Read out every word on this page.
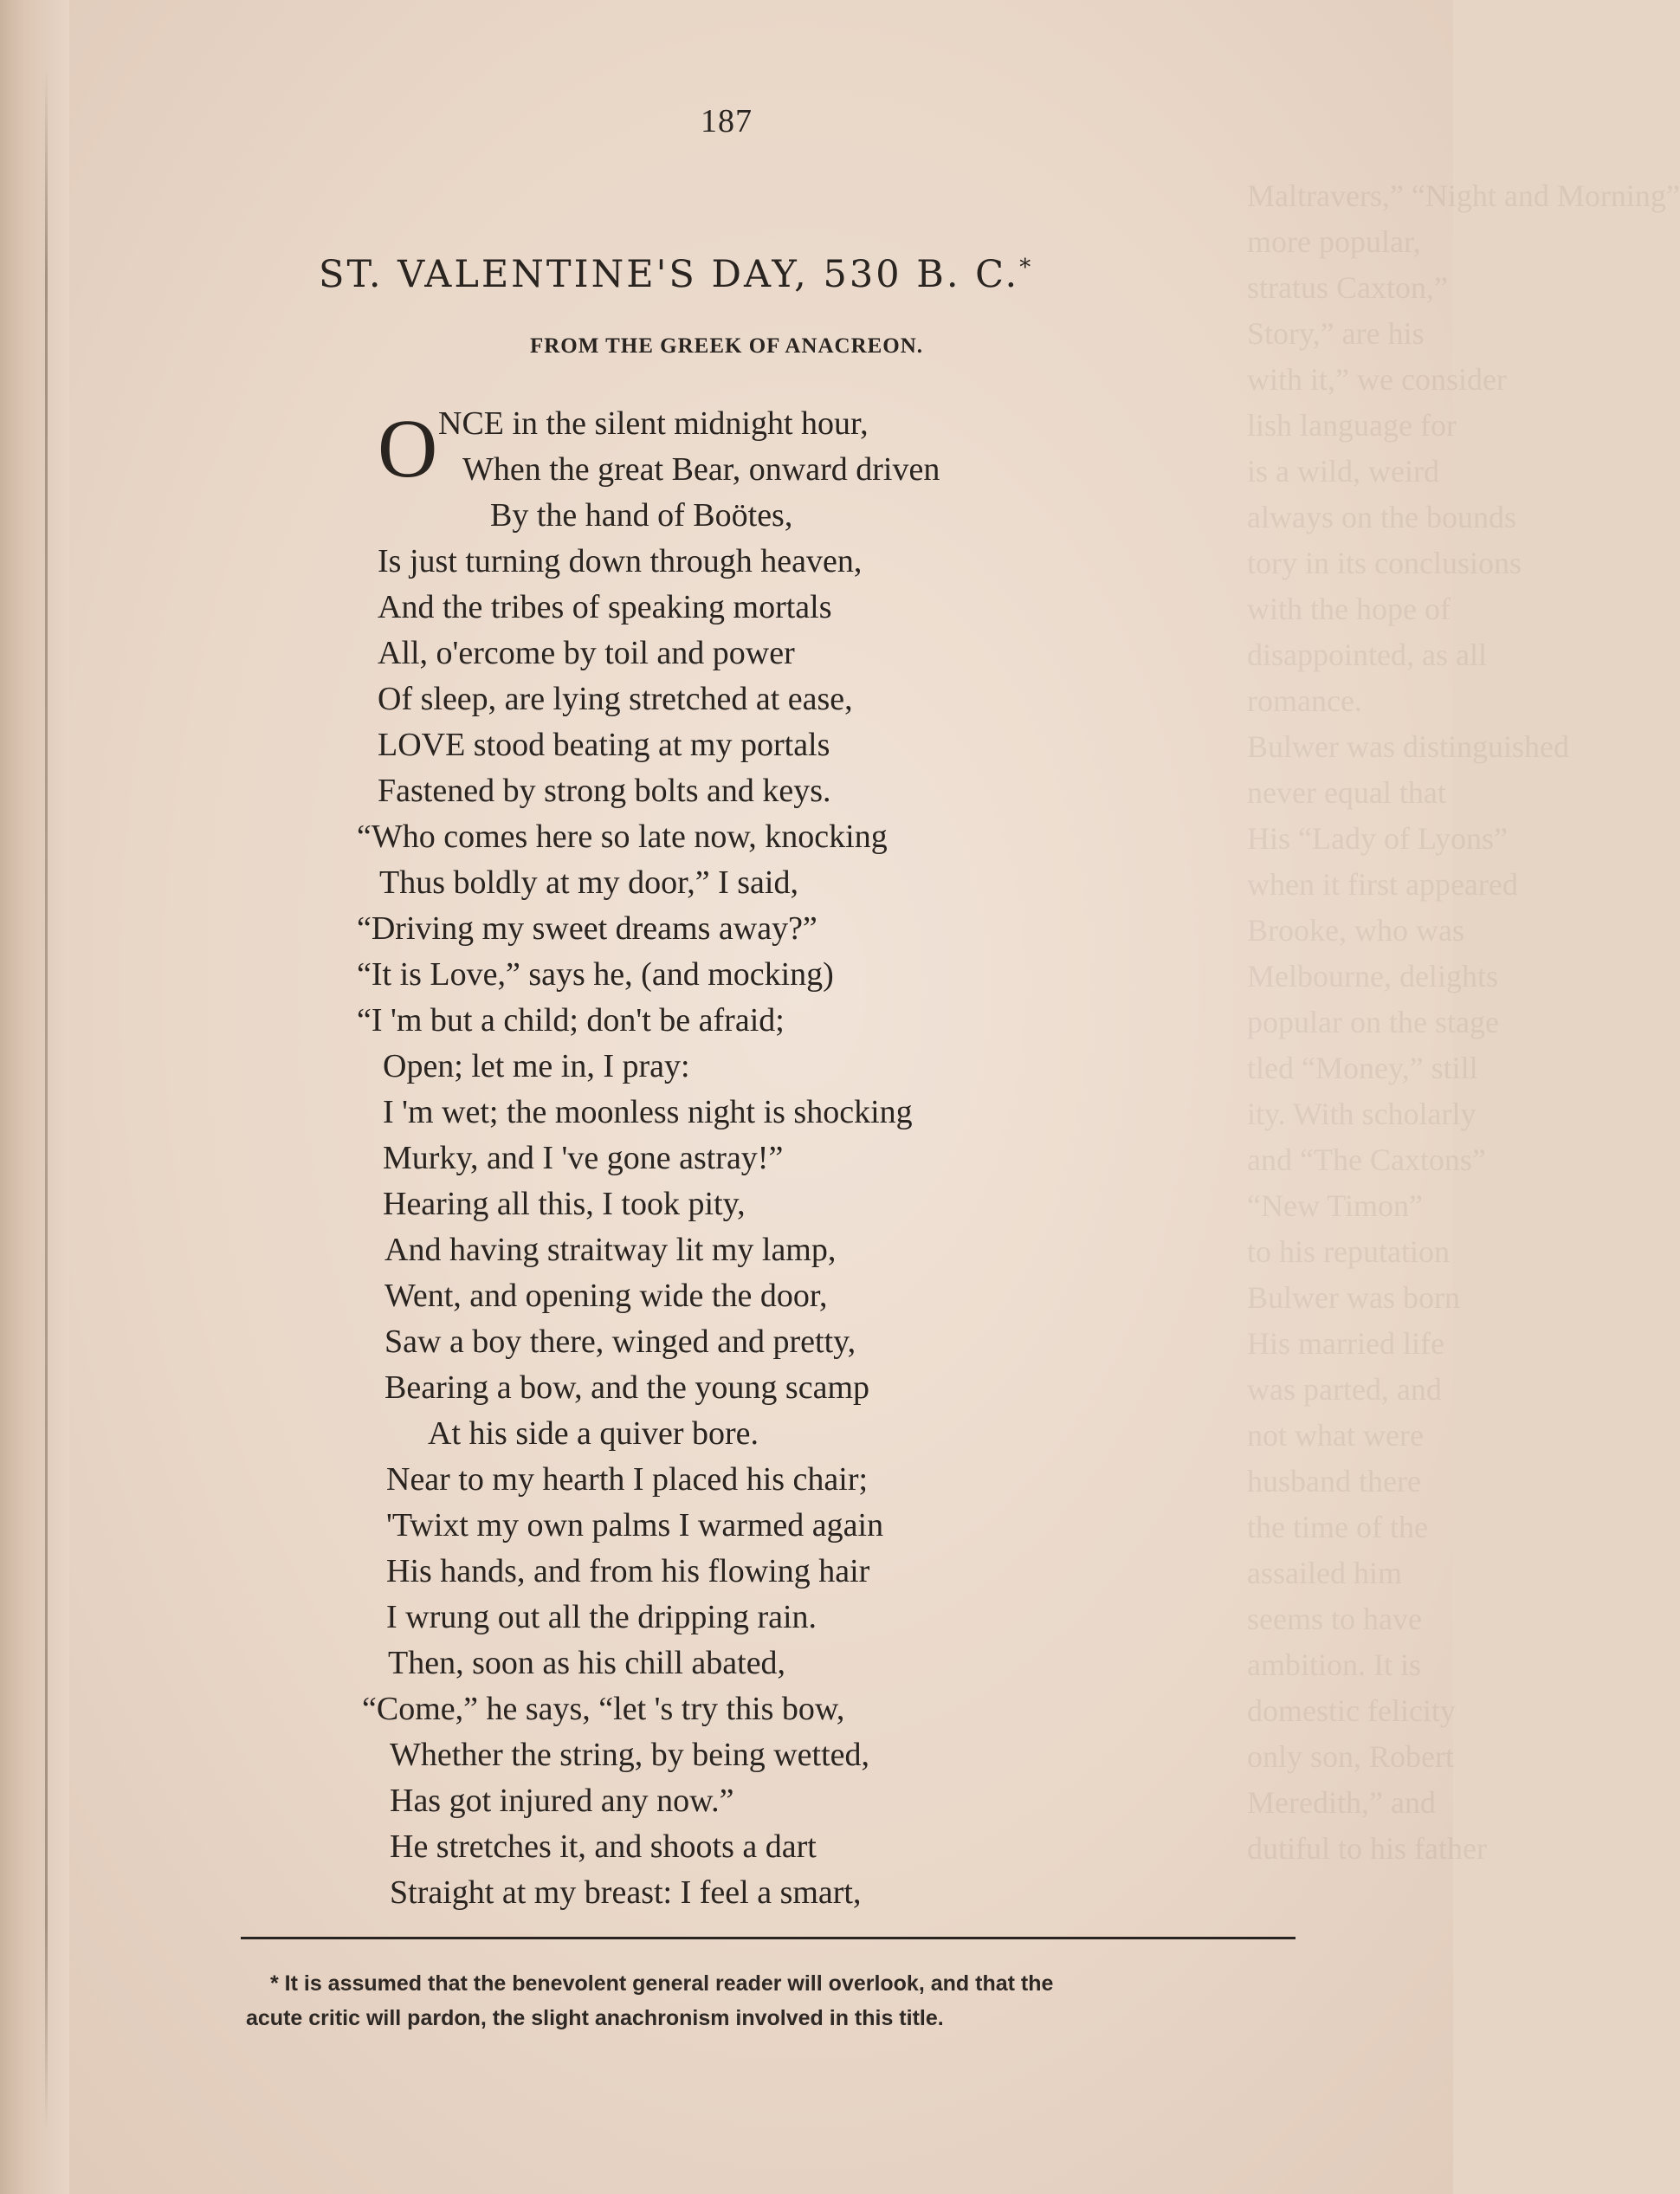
Maltravers,” “Night and Morning”
more popular,
stratus Caxton,”
Story,” are his
with it,” we consider
lish language for
is a wild, weird
always on the bounds
tory in its conclusions
with the hope of
disappointed, as all
romance.
Bulwer was distinguished
never equal that
His “Lady of Lyons”
when it first appeared
Brooke, who was
Melbourne, delights
popular on the stage
tled “Money,” still
ity. With scholarly
and “The Caxtons”
“New Timon”
to his reputation
Bulwer was born
His married life
was parted, and
not what were
husband there
the time of the
assailed him
seems to have
ambition. It is
domestic felicity
only son, Robert
Meredith,” and
dutiful to his father
187
ST. VALENTINE'S DAY, 530 B. C.*
FROM THE GREEK OF ANACREON.
O NCE in the silent midnight hour,
When the great Bear, onward driven
By the hand of Boötes,
Is just turning down through heaven,
And the tribes of speaking mortals
All, o'ercome by toil and power
Of sleep, are lying stretched at ease,
LOVE stood beating at my portals
Fastened by strong bolts and keys.
“Who comes here so late now, knocking
Thus boldly at my door,” I said,
“Driving my sweet dreams away?”
“It is Love,” says he, (and mocking)
“I 'm but a child; don't be afraid;
Open; let me in, I pray:
I 'm wet; the moonless night is shocking
Murky, and I 've gone astray!”
Hearing all this, I took pity,
And having straitway lit my lamp,
Went, and opening wide the door,
Saw a boy there, winged and pretty,
Bearing a bow, and the young scamp
At his side a quiver bore.
Near to my hearth I placed his chair;
'Twixt my own palms I warmed again
His hands, and from his flowing hair
I wrung out all the dripping rain.
Then, soon as his chill abated,
“Come,” he says, “let 's try this bow,
Whether the string, by being wetted,
Has got injured any now.”
He stretches it, and shoots a dart
Straight at my breast: I feel a smart,

* It is assumed that the benevolent general reader will overlook, and that the

acute critic will pardon, the slight anachronism involved in this title.
